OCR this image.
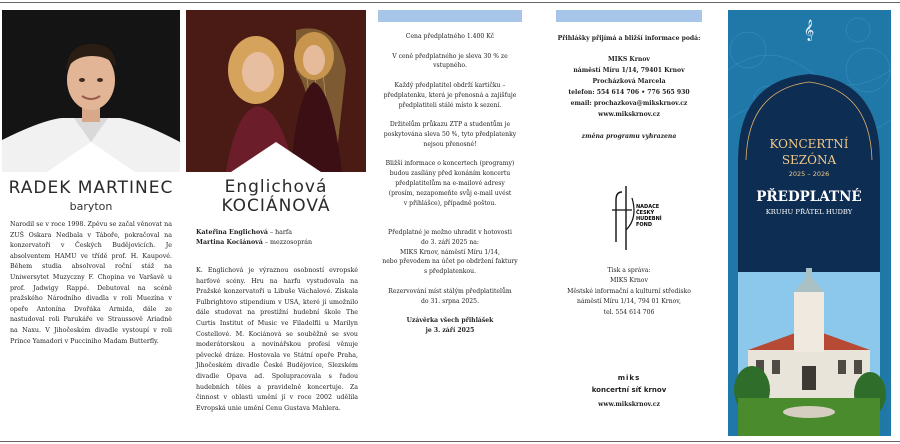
RADEK MARTINEC
baryton

Narodil se v roce 1998. Zpěvu se začal věnovat na ZUŠ Oskara Nedbala v Táboře, pokračoval na konzervatoři v Českých Budějovicích. Je absolventem HAMU ve třídě prof. H. Kaupové. Během studia absolvoval roční stáž na Uniwersytet Muzyczny F. Chopina ve Varšavě u prof. Jadwigy Rappé. Debutoval na scéně pražského Národního divadla v roli Muezína v opeře Antonína Dvořáka Armida, dále ze nastudoval roli Parukáře ve Straussově Ariadně na Naxu. V Jihočeském divadle vystoupí v roli Prince Yamadori v Pucciniho Madam Butterfly.

Englichová
KOCIÁNOVÁ
Kateřina Englichová – harfa
Martina Kociánová – mezzosoprán

K. Englichová je výraznou osobností evropské harfové scény. Hru na harfu vystudovala na Pražské konzervatoři u Libuše Váchalové. Získala Fulbrightovo stipendium v USA, které jí umožnilo dále studovat na prestižní hudební škole The Curtis Institut of Music ve Filadelfii u Marilyn Costellové. M. Kociánová se souběžně se svou moderátorskou a novinářskou profesí věnuje pěvecké dráze. Hostovala ve Státní opeře Praha, Jihočeském divadle České Budějovice, Slezském divadle Opava ad. Spolupracovala s řadou hudebních těles a pravidelně koncertuje. Za činnost v oblasti umění jí v roce 2002 udělila Evropská unie umění Cenu Gustava Mahlera.

Cena předplatného 1.400 Kč

V ceně předplatného je sleva 30 % ze
vstupného.

Každý předplatitel obdrží kartičku –
předplatenku, která je přenosná a zajišťuje
předplatiteli stálé místo k sezení.

Držitelům průkazu ZTP a studentům je
poskytována sleva 50 %, tyto předplatenky
nejsou přenosné!

Bližší informace o koncertech (programy)
budou zasílány před konáním koncertu
předplatitelům na e-mailové adresy
(prosím, nezapomeňte svůj e-mail uvést
v přihlášce), případně poštou.

Předplatné je možno uhradit v hotovosti
do 3. září 2025 na:
MIKS Krnov, náměstí Míru 1/14,
nebo převodem na účet po obdržení faktury
s předplatenkou.

Rezervování míst stálým předplatitelům
do 31. srpna 2025.

Uzávěrka všech přihlášek
je 3. září 2025
Přihlášky přijímá a bližší informace podá:
MIKS Krnov
náměstí Míru 1/14, 79401 Krnov
Procházková Marcela
telefon: 554 614 706 • 776 565 930
email: prochazkova@mikskrnov.cz
www.mikskrnov.cz
změna programu vyhrazena
NADACE
ČESKÝ
HUDEBNÍ
FOND
Tisk a správa:
MIKS Krnov
Městské informační a kulturní středisko
náměstí Míru 1/14, 794 01 Krnov,
tel. 554 614 706
miks
koncertní síť krnov
www.mikskrnov.cz
𝄞
KONCERTNÍ
SEZÓNA
2025 – 2026
PŘEDPLATNÉ
KRUHU PŘÁTEL HUDBY
